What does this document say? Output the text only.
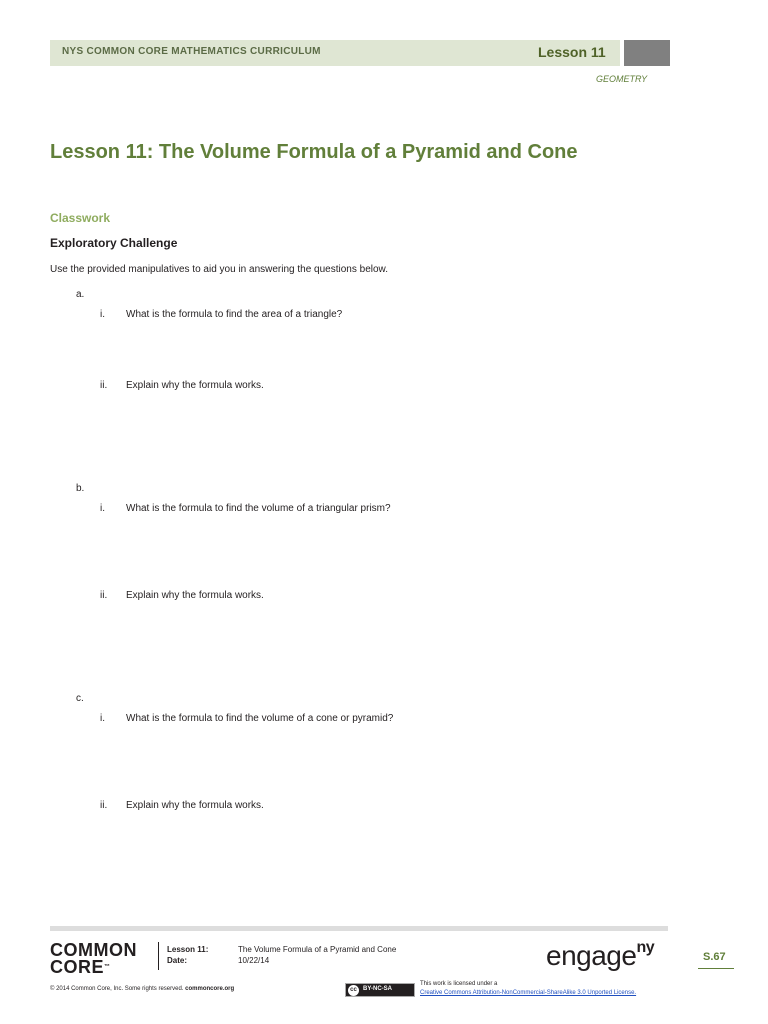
NYS COMMON CORE MATHEMATICS CURRICULUM	Lesson 11
GEOMETRY
Lesson 11: The Volume Formula of a Pyramid and Cone
Classwork
Exploratory Challenge
Use the provided manipulatives to aid you in answering the questions below.
a.
i. What is the formula to find the area of a triangle?
ii. Explain why the formula works.
b.
i. What is the formula to find the volume of a triangular prism?
ii. Explain why the formula works.
c.
i. What is the formula to find the volume of a cone or pyramid?
ii. Explain why the formula works.
COMMON
CORE™
Lesson 11:	The Volume Formula of a Pyramid and Cone
Date:	10/22/14
© 2014 Common Core, Inc. Some rights reserved. commoncore.org
engage$^{ny}$
S.67
cc	BY-NC-SA
This work is licensed under a
Creative Commons Attribution-NonCommercial-ShareAlike 3.0 Unported License.
